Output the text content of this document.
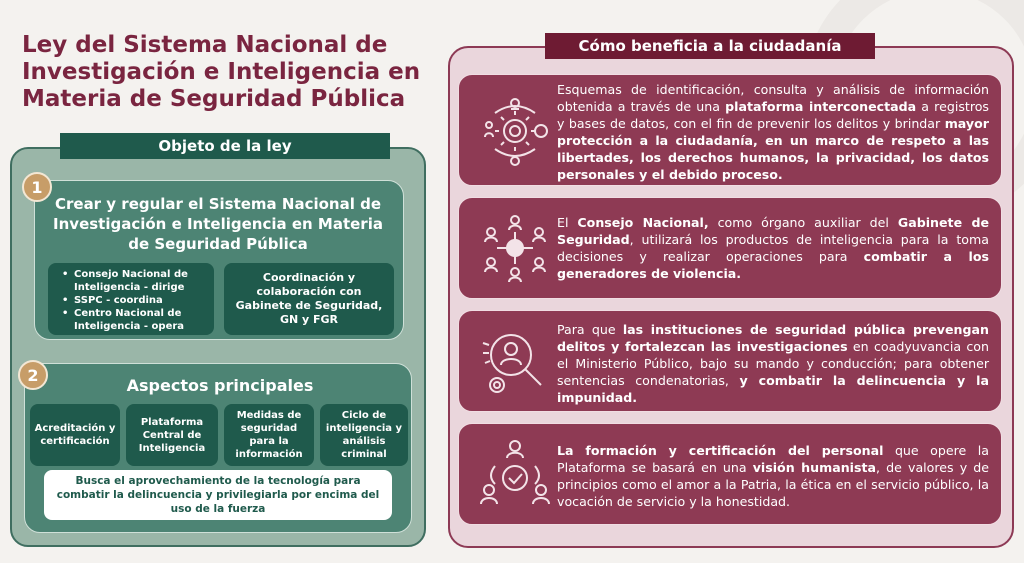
Ley del Sistema Nacional de Investigación e Inteligencia en Materia de Seguridad Pública
Objeto de la ley
1
Crear y regular el Sistema Nacional de Investigación e Inteligencia en Materia de Seguridad Pública
• Consejo Nacional de Inteligencia - dirige
• SSPC - coordina
• Centro Nacional de Inteligencia - opera
Coordinación y colaboración con Gabinete de Seguridad, GN y FGR
2
Aspectos principales
Acreditación y certificación
Plataforma Central de Inteligencia
Medidas de seguridad para la información
Ciclo de inteligencia y análisis criminal
Busca el aprovechamiento de la tecnología para combatir la delincuencia y privilegiarla por encima del uso de la fuerza
Cómo beneficia a la ciudadanía
Esquemas de identificación, consulta y análisis de información obtenida a través de una plataforma interconectada a registros y bases de datos, con el fin de prevenir los delitos y brindar mayor protección a la ciudadanía, en un marco de respeto a las libertades, los derechos humanos, la privacidad, los datos personales y el debido proceso.
El Consejo Nacional, como órgano auxiliar del Gabinete de Seguridad, utilizará los productos de inteligencia para la toma decisiones y realizar operaciones para combatir a los generadores de violencia.
Para que las instituciones de seguridad pública prevengan delitos y fortalezcan las investigaciones en coadyuvancia con el Ministerio Público, bajo su mando y conducción; para obtener sentencias condenatorias, y combatir la delincuencia y la impunidad.
La formación y certificación del personal que opere la Plataforma se basará en una visión humanista, de valores y de principios como el amor a la Patria, la ética en el servicio público, la vocación de servicio y la honestidad.
